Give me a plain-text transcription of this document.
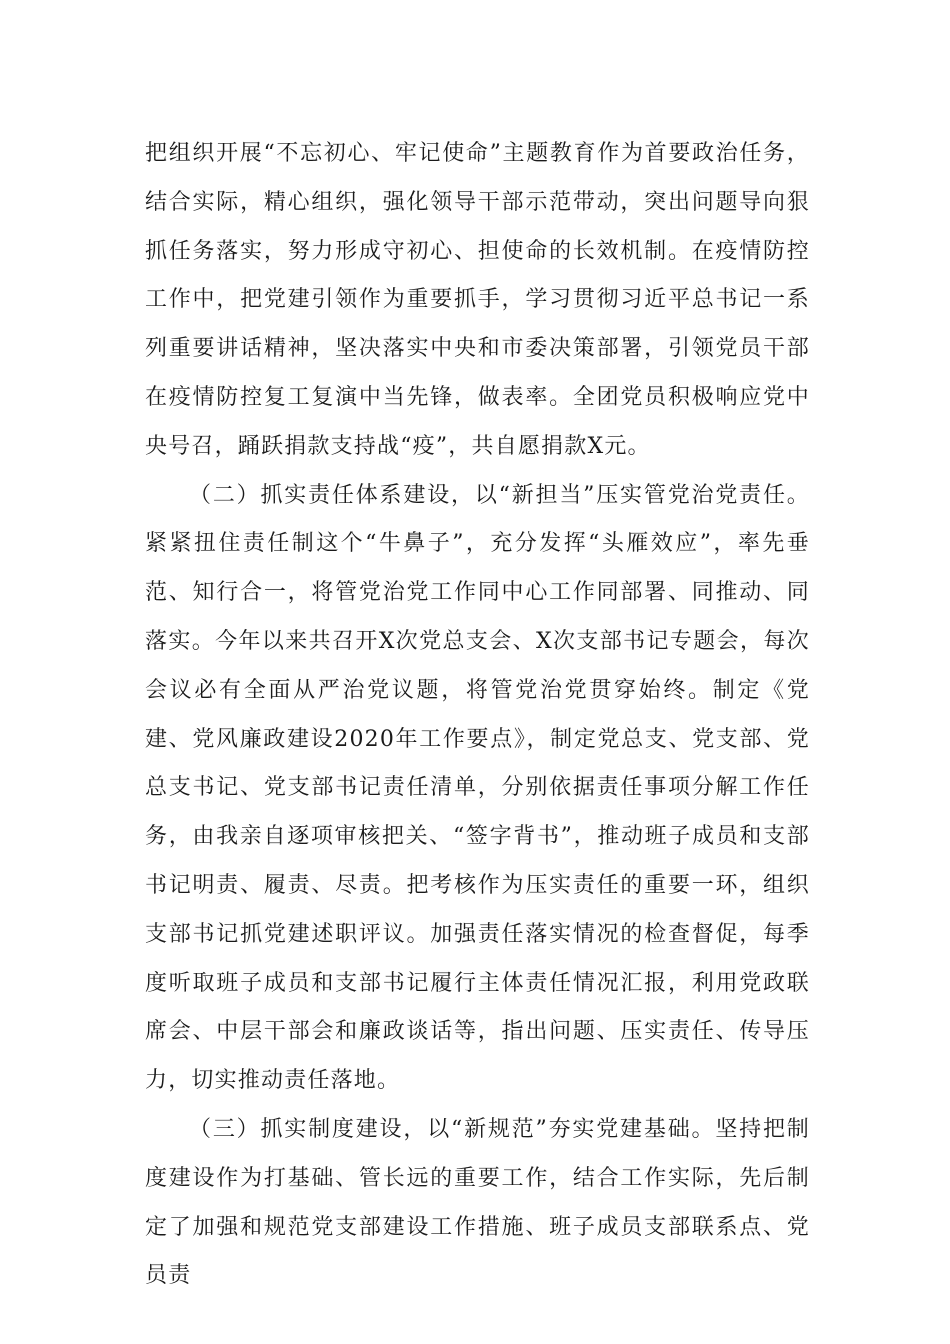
把组织开展“不忘初心、牢记使命”主题教育作为首要政治任务，结合实际，精心组织，强化领导干部示范带动，突出问题导向狠抓任务落实，努力形成守初心、担使命的长效机制。在疫情防控工作中，把党建引领作为重要抓手，学习贯彻习近平总书记一系列重要讲话精神，坚决落实中央和市委决策部署，引领党员干部在疫情防控复工复演中当先锋，做表率。全团党员积极响应党中央号召，踊跃捐款支持战“疫”，共自愿捐款X元。

（二）抓实责任体系建设，以“新担当”压实管党治党责任。紧紧扭住责任制这个“牛鼻子”，充分发挥“头雁效应”，率先垂范、知行合一，将管党治党工作同中心工作同部署、同推动、同落实。今年以来共召开X次党总支会、X次支部书记专题会，每次会议必有全面从严治党议题，将管党治党贯穿始终。制定《党建、党风廉政建设2020年工作要点》，制定党总支、党支部、党总支书记、党支部书记责任清单，分别依据责任事项分解工作任务，由我亲自逐项审核把关、“签字背书”，推动班子成员和支部书记明责、履责、尽责。把考核作为压实责任的重要一环，组织支部书记抓党建述职评议。加强责任落实情况的检查督促，每季度听取班子成员和支部书记履行主体责任情况汇报，利用党政联席会、中层干部会和廉政谈话等，指出问题、压实责任、传导压力，切实推动责任落地。

（三）抓实制度建设，以“新规范”夯实党建基础。坚持把制度建设作为打基础、管长远的重要工作，结合工作实际，先后制定了加强和规范党支部建设工作措施、班子成员支部联系点、党员责
